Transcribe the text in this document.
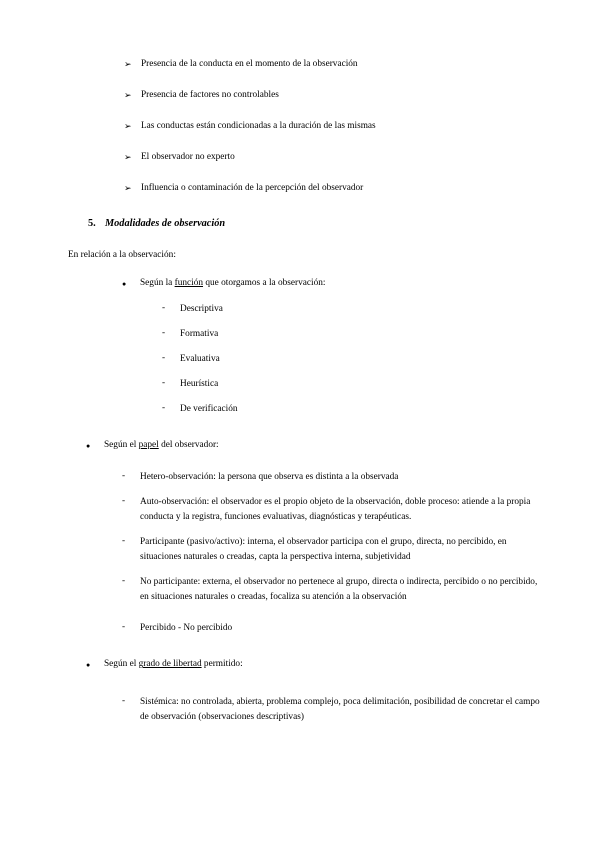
➢	Presencia de la conducta en el momento de la observación
➢	Presencia de factores no controlables
➢	Las conductas están condicionadas a la duración de las mismas
➢	El observador no experto
➢	Influencia o contaminación de la percepción del observador
5. Modalidades de observación
En relación a la observación:
●	Según la función que otorgamos a la observación:
-	Descriptiva
-	Formativa
-	Evaluativa
-	Heurística
-	De verificación
●	Según el papel del observador:
-	Hetero-observación: la persona que observa es distinta a la observada
-	Auto-observación: el observador es el propio objeto de la observación, doble proceso: atiende a la propia conducta y la registra, funciones evaluativas, diagnósticas y terapéuticas.
-	Participante (pasivo/activo): interna, el observador participa con el grupo, directa, no percibido, en situaciones naturales o creadas, capta la perspectiva interna, subjetividad
-	No participante: externa, el observador no pertenece al grupo, directa o indirecta, percibido o no percibido, en situaciones naturales o creadas, focaliza su atención a la observación
-	Percibido - No percibido
●	Según el grado de libertad permitido:
-	Sistémica: no controlada, abierta, problema complejo, poca delimitación, posibilidad de concretar el campo de observación (observaciones descriptivas)
